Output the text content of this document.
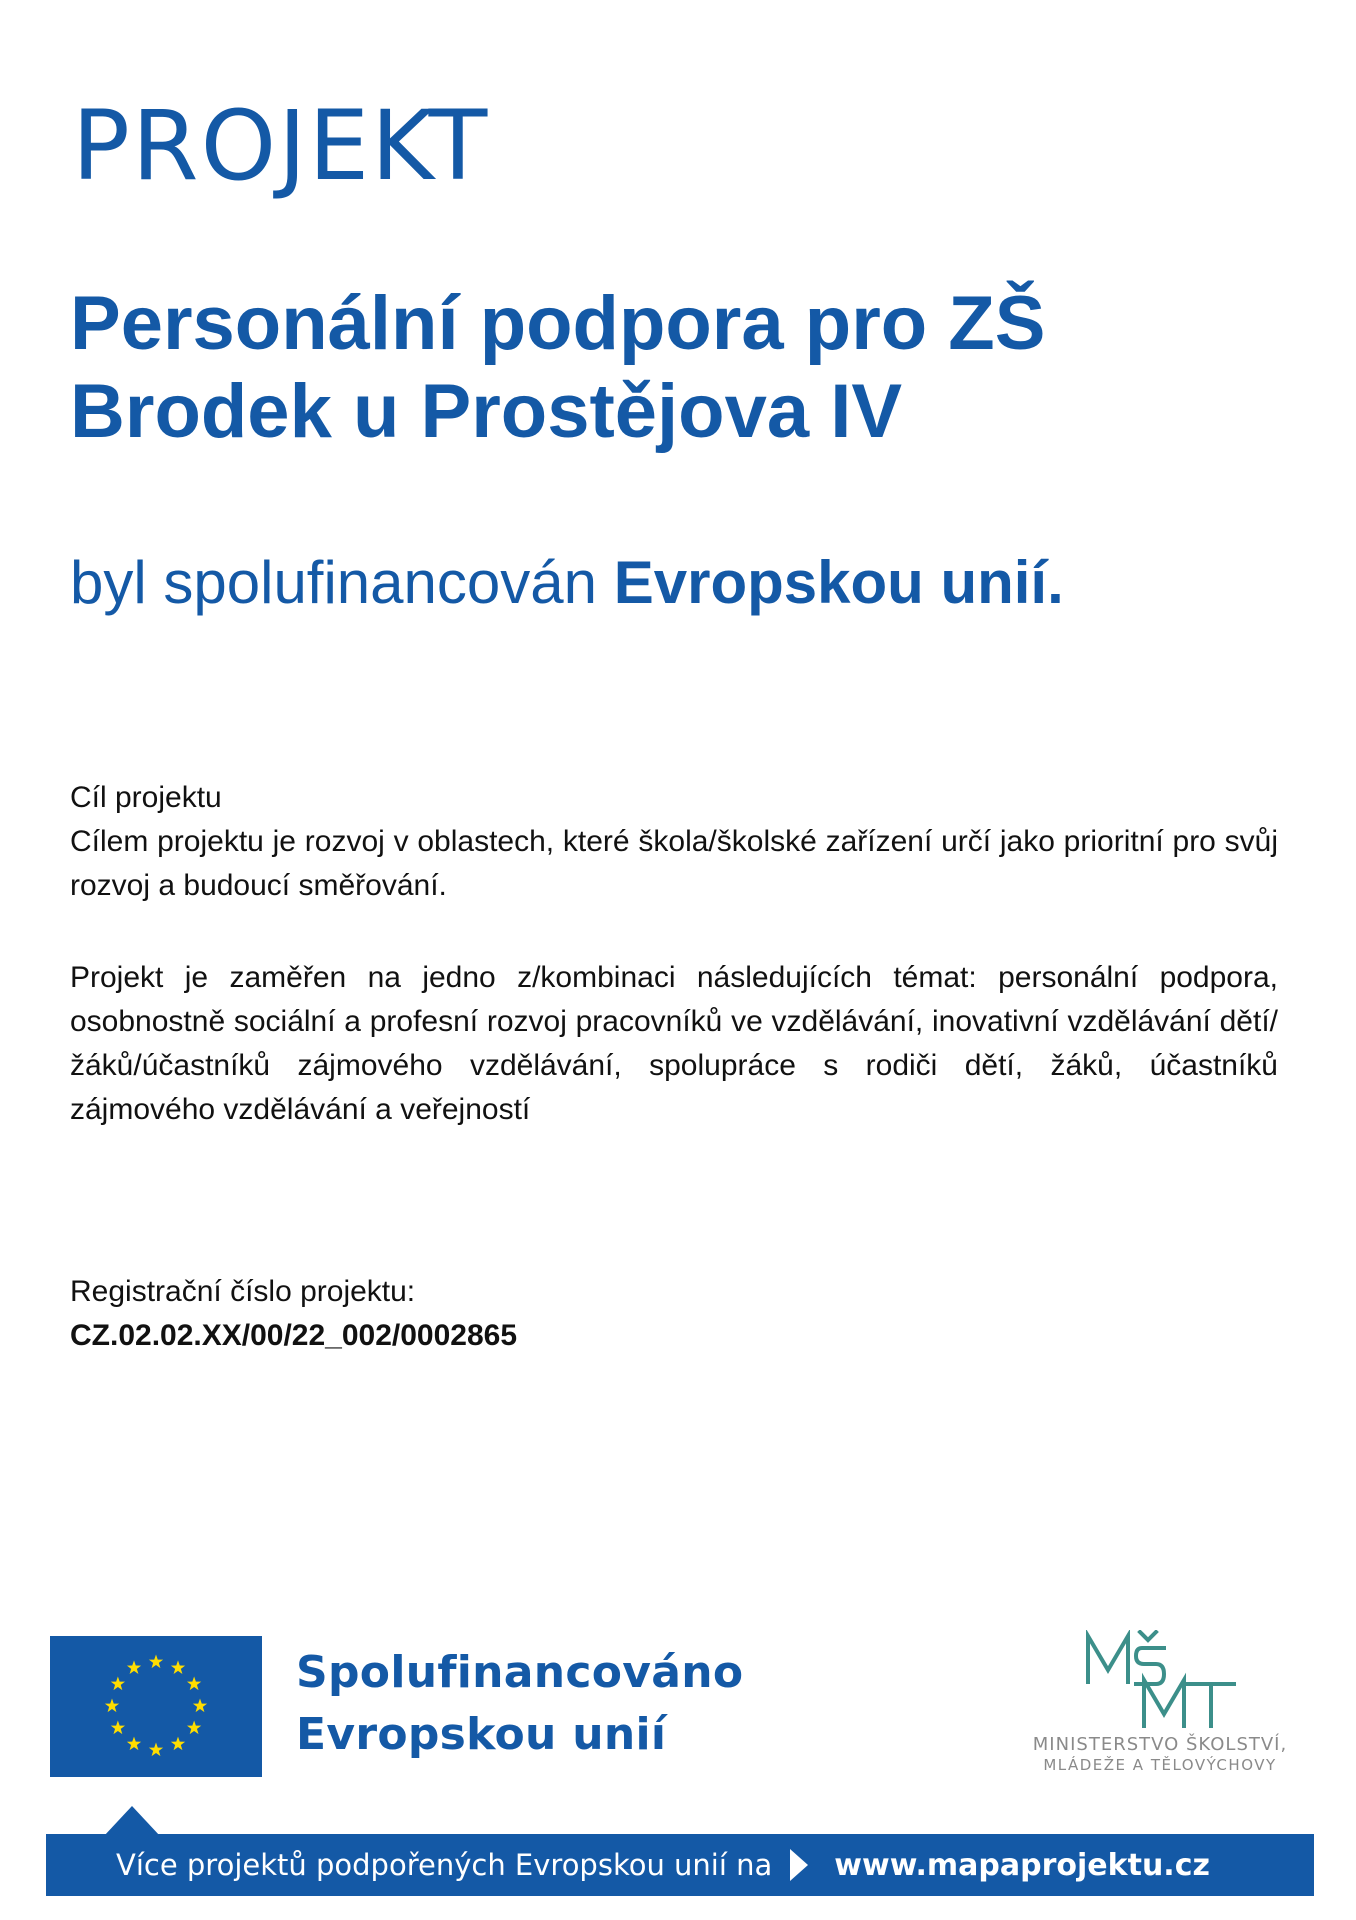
PROJEKT
Personální podpora pro ZŠ Brodek u Prostějova IV

byl spolufinancován Evropskou unií.

Cíl projektu
Cílem projektu je rozvoj v oblastech, které škola/školské zařízení určí jako prioritní pro svůj rozvoj a budoucí směřování.

Projekt je zaměřen na jedno z/kombinaci následujících témat: personální podpora, osobnostně sociální a profesní rozvoj pracovníků ve vzdělávání, inovativní vzdělávání dětí/žáků/účastníků zájmového vzdělávání, spolupráce s rodiči dětí, žáků, účastníků zájmového vzdělávání a veřejností

Registrační číslo projektu:
CZ.02.02.XX/00/22_002/0002865
Spolufinancováno
Evropskou unií	MINISTERSTVO ŠKOLSTVÍ,
MLÁDEŽE A TĚLOVÝCHOVY
Více projektů podpořených Evropskou unií na www.mapaprojektu.cz
